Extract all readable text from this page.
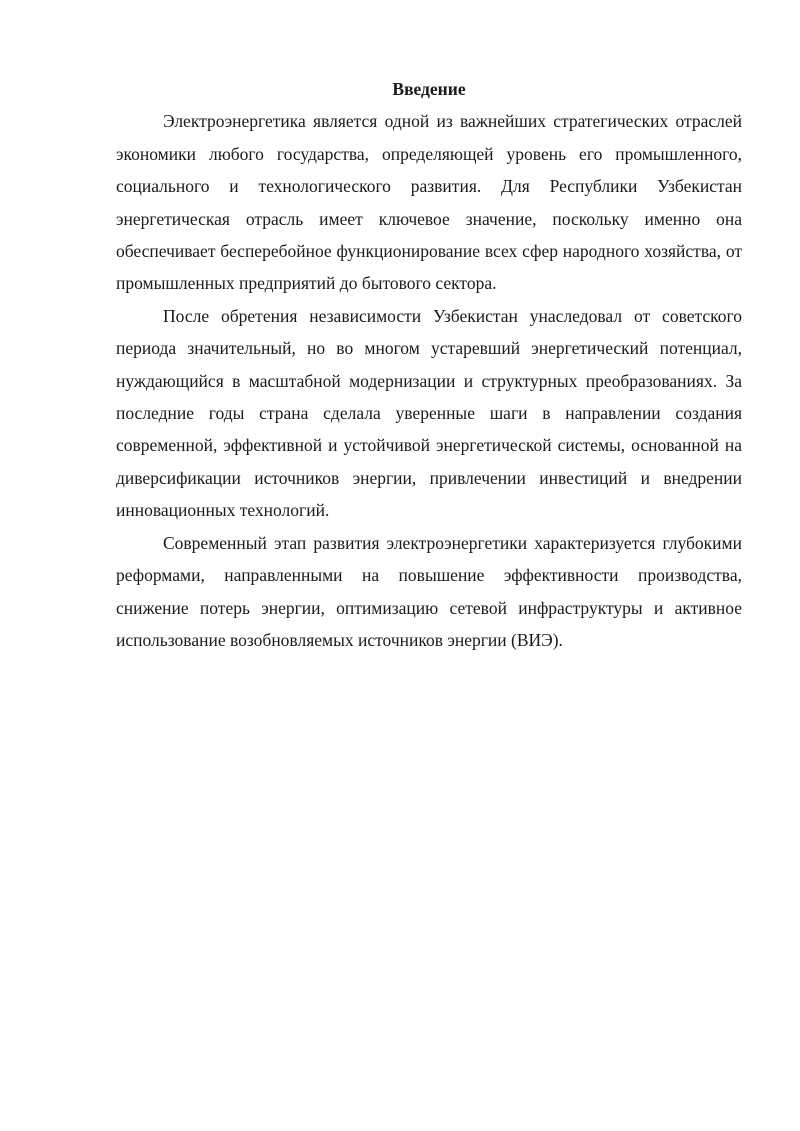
Введение

Электроэнергетика является одной из важнейших стратегических отраслей экономики любого государства, определяющей уровень его промышленного, социального и технологического развития. Для Республики Узбекистан энергетическая отрасль имеет ключевое значение, поскольку именно она обеспечивает бесперебойное функционирование всех сфер народного хозяйства, от промышленных предприятий до бытового сектора.

После обретения независимости Узбекистан унаследовал от советского периода значительный, но во многом устаревший энергетический потенциал, нуждающийся в масштабной модернизации и структурных преобразованиях. За последние годы страна сделала уверенные шаги в направлении создания современной, эффективной и устойчивой энергетической системы, основанной на диверсификации источников энергии, привлечении инвестиций и внедрении инновационных технологий.

Современный этап развития электроэнергетики характеризуется глубокими реформами, направленными на повышение эффективности производства, снижение потерь энергии, оптимизацию сетевой инфраструктуры и активное использование возобновляемых источников энергии (ВИЭ).
